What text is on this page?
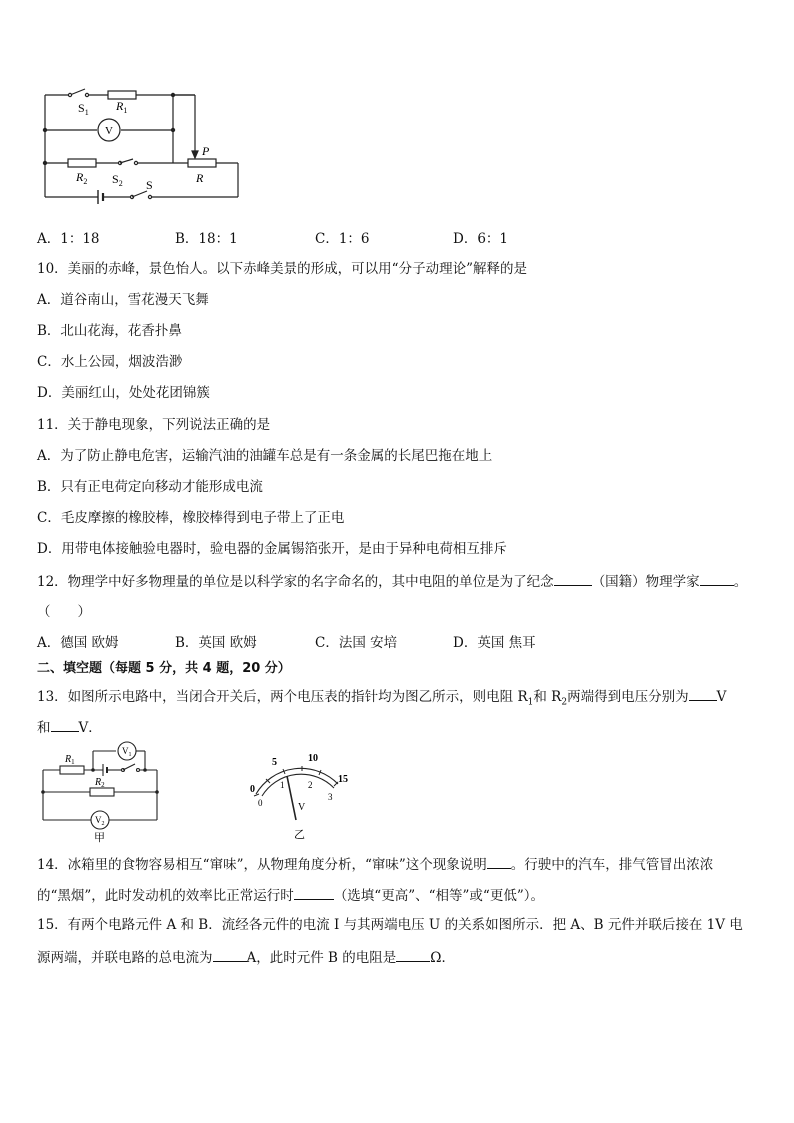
$S_1$ $R_1$
V
$R_2$ $S_2$
P
R
S
A．1：18	B．18：1	C．1：6	D．6：1
10．美丽的赤峰，景色怡人。以下赤峰美景的形成，可以用“分子动理论”解释的是
A．道谷南山，雪花漫天飞舞
B．北山花海，花香扑鼻
C．水上公园，烟波浩渺
D．美丽红山，处处花团锦簇
11．关于静电现象，下列说法正确的是
A．为了防止静电危害，运输汽油的油罐车总是有一条金属的长尾巴拖在地上
B．只有正电荷定向移动才能形成电流
C．毛皮摩擦的橡胶棒，橡胶棒得到电子带上了正电
D．用带电体接触验电器时，验电器的金属锡箔张开，是由于异种电荷相互排斥
12．物理学中好多物理量的单位是以科学家的名字命名的，其中电阻的单位是为了纪念	（国籍）物理学家	。
（　　）
A．德国 欧姆	B．英国 欧姆	C．法国 安培	D．英国 焦耳
二、填空题（每题 5 分，共 4 题，20 分）
13．如图所示电路中，当闭合开关后，两个电压表的指针均为图乙所示，则电阻 $R_1$和 $R_2$两端得到电压分别为 V
和 V．
$R_1$
$V_1$
$R_2$
$V_2$
甲
0
5	10
15
0
1	2
3
V
乙
14．冰箱里的食物容易相互“窜味”，从物理角度分析，“窜味”这个现象说明 。行驶中的汽车，排气管冒出浓浓
的“黑烟”，此时发动机的效率比正常运行时	（选填“更高”、“相等”或“更低”）。
15．有两个电路元件 A 和 B．流经各元件的电流 I 与其两端电压 U 的关系如图所示．把 A、B 元件并联后接在 1V 电
源两端，并联电路的总电流为	A，此时元件 B 的电阻是	Ω．
